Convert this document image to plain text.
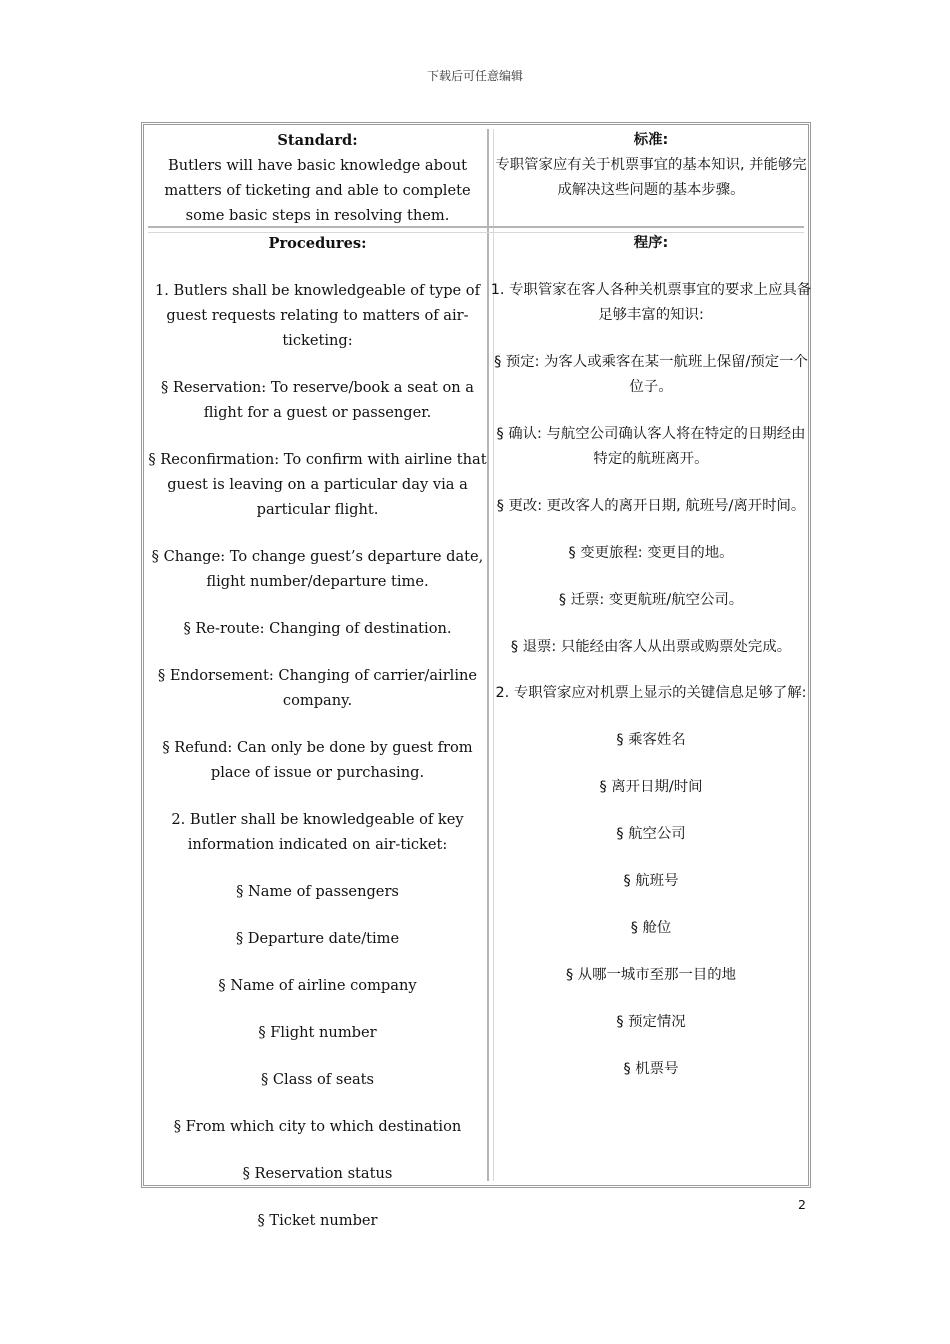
下载后可任意编辑
Standard:
Butlers will have basic knowledge about matters of ticketing and able to complete some basic steps in resolving them.
标准:
专职管家应有关于机票事宜的基本知识, 并能够完成解决这些问题的基本步骤。
Procedures:
1. Butlers shall be knowledgeable of type of guest requests relating to matters of air-ticketing:
§ Reservation: To reserve/book a seat on a flight for a guest or passenger.
§ Reconfirmation: To confirm with airline that guest is leaving on a particular day via a particular flight.
§ Change: To change guest’s departure date, flight number/departure time.
§ Re-route: Changing of destination.
§ Endorsement: Changing of carrier/airline company.
§ Refund: Can only be done by guest from place of issue or purchasing.
2. Butler shall be knowledgeable of key information indicated on air-ticket:
§ Name of passengers
§ Departure date/time
§ Name of airline company
§ Flight number
§ Class of seats
§ From which city to which destination
§ Reservation status
§ Ticket number
程序:
1. 专职管家在客人各种关机票事宜的要求上应具备足够丰富的知识:
§ 预定: 为客人或乘客在某一航班上保留/预定一个位子。
§ 确认: 与航空公司确认客人将在特定的日期经由特定的航班离开。
§ 更改: 更改客人的离开日期, 航班号/离开时间。
§ 变更旅程: 变更目的地。
§ 迁票: 变更航班/航空公司。
§ 退票: 只能经由客人从出票或购票处完成。
2. 专职管家应对机票上显示的关键信息足够了解:
§ 乘客姓名
§ 离开日期/时间
§ 航空公司
§ 航班号
§ 舱位
§ 从哪一城市至那一目的地
§ 预定情况
§ 机票号
2
